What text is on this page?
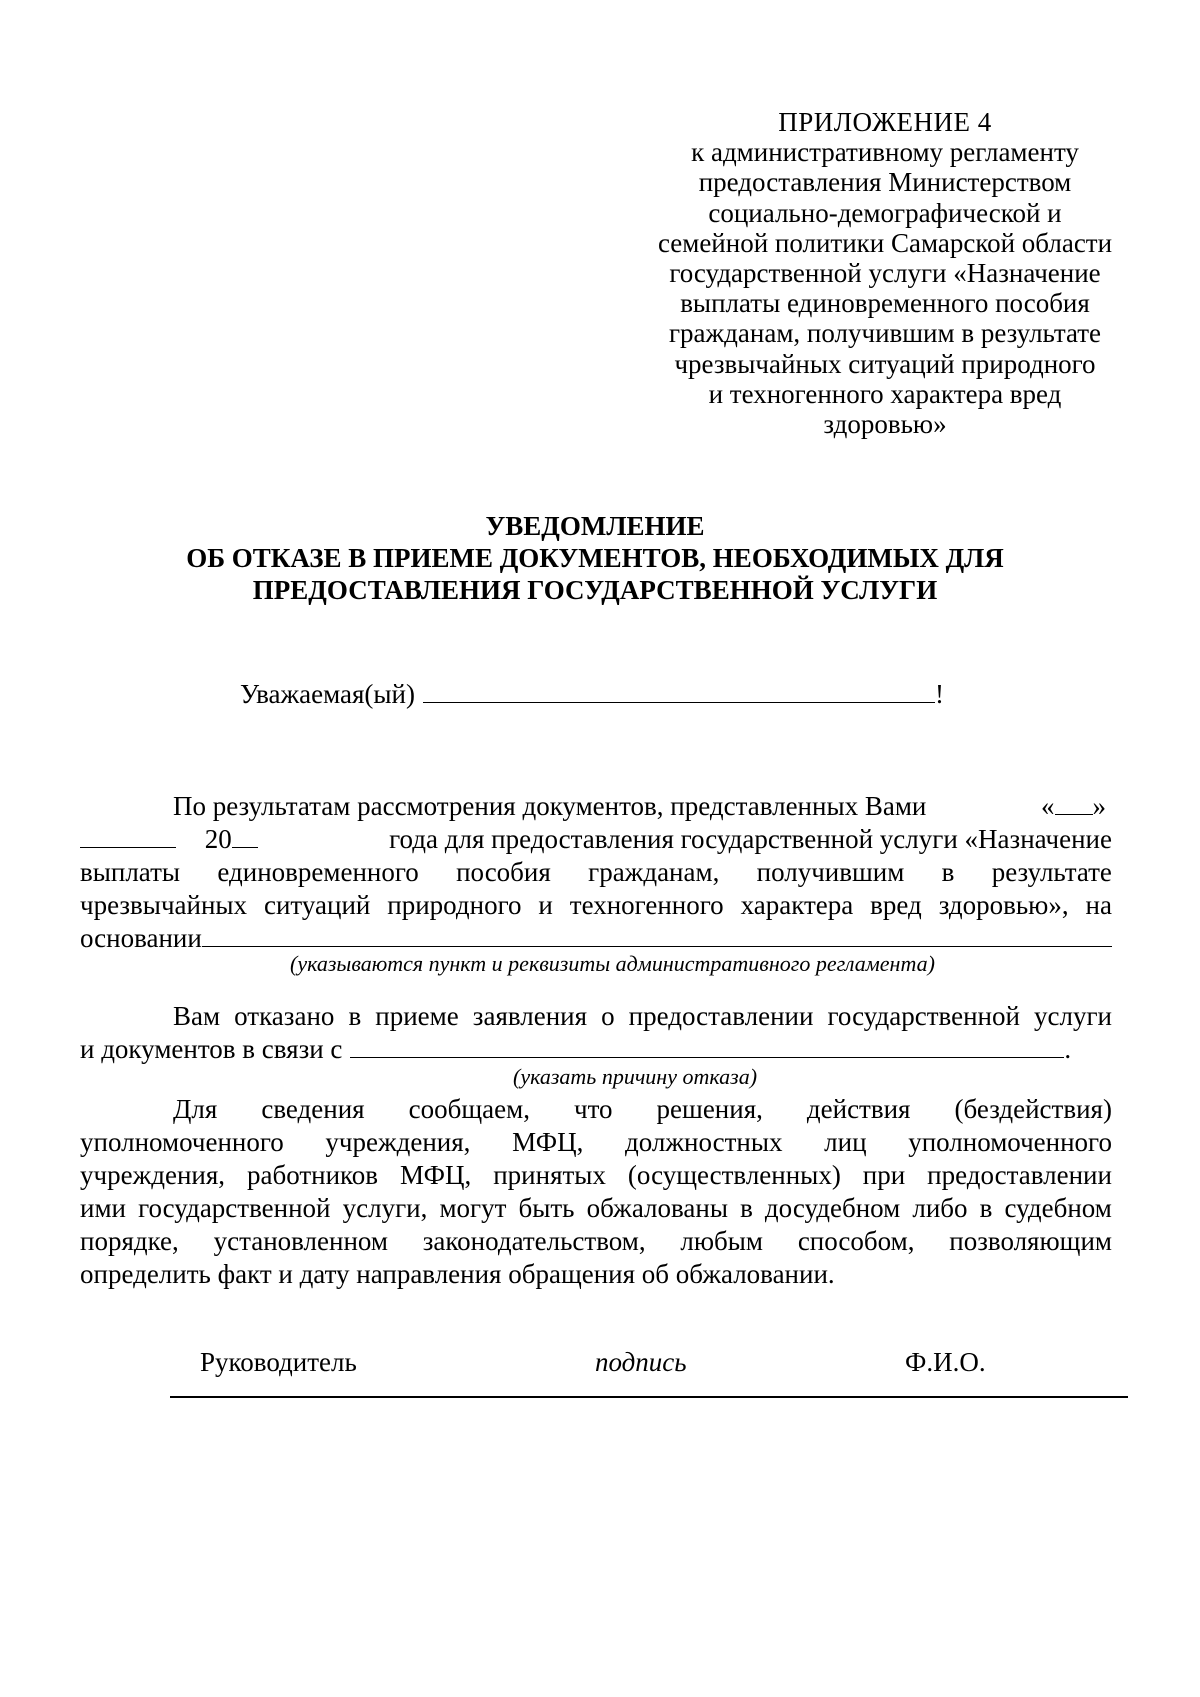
ПРИЛОЖЕНИЕ 4
к административному регламенту
предоставления Министерством
социально-демографической и
семейной политики Самарской области
государственной услуги «Назначение
выплаты единовременного пособия
гражданам, получившим в результате
чрезвычайных ситуаций природного
и техногенного характера вред
здоровью»
УВЕДОМЛЕНИЕ
ОБ ОТКАЗЕ В ПРИЕМЕ ДОКУМЕНТОВ, НЕОБХОДИМЫХ ДЛЯ
ПРЕДОСТАВЛЕНИЯ ГОСУДАРСТВЕННОЙ УСЛУГИ
Уважаемая(ый)	!
По результатам рассмотрения документов, представленных Вами	« »
20	года для предоставления государственной услуги «Назначение
выплаты единовременного пособия гражданам, получившим в результате
чрезвычайных ситуаций природного и техногенного характера вред здоровью», на
основании
(указываются пункт и реквизиты административного регламента)
Вам отказано в приеме заявления о предоставлении государственной услуги
и документов в связи с	.
(указать причину отказа)
Для сведения сообщаем, что решения, действия (бездействия)
уполномоченного учреждения, МФЦ, должностных лиц уполномоченного
учреждения, работников МФЦ, принятых (осуществленных) при предоставлении
ими государственной услуги, могут быть обжалованы в досудебном либо в судебном
порядке, установленном законодательством, любым способом, позволяющим
определить факт и дату направления обращения об обжаловании.
Руководитель	подпись	Ф.И.О.
